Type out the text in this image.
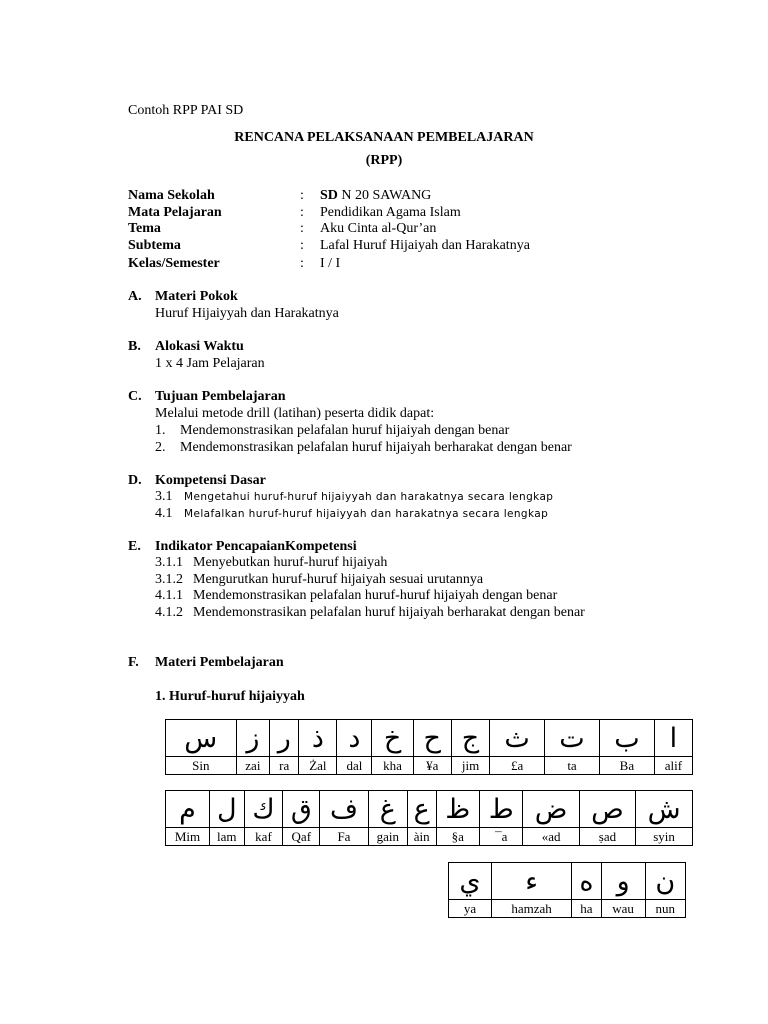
Contoh RPP PAI SD
RENCANA PELAKSANAAN PEMBELAJARAN
(RPP)
Nama Sekolah	: SD N 20 SAWANG
Mata Pelajaran	: Pendidikan Agama Islam
Tema	: Aku Cinta al-Qur’an
Subtema	: Lafal Huruf Hijaiyah dan Harakatnya
Kelas/Semester	: I / I
A. Materi Pokok
Huruf Hijaiyyah dan Harakatnya
B. Alokasi Waktu
1 x 4 Jam Pelajaran
C. Tujuan Pembelajaran
Melalui metode drill (latihan) peserta didik dapat:
1. Mendemonstrasikan pelafalan huruf hijaiyah dengan benar
2. Mendemonstrasikan pelafalan huruf hijaiyah berharakat dengan benar
D. Kompetensi Dasar
3.1 Mengetahui huruf-huruf hijaiyyah dan harakatnya secara lengkap
4.1 Melafalkan huruf-huruf hijaiyyah dan harakatnya secara lengkap
E. Indikator PencapaianKompetensi
3.1.1 Menyebutkan huruf-huruf hijaiyah
3.1.2 Mengurutkan huruf-huruf hijaiyah sesuai urutannya
4.1.1 Mendemonstrasikan pelafalan huruf-huruf hijaiyah dengan benar
4.1.2 Mendemonstrasikan pelafalan huruf hijaiyah berharakat dengan benar
F. Materi Pembelajaran
1. Huruf-huruf hijaiyyah
س	ز	ر	ذ	د	خ	ح	ج	ث	ت	ب	ا
Sin	zai	ra	Żal	dal	kha	¥a	jim	£a	ta	Ba	alif
م	ل	ك	ق	ف	غ	ع	ظ	ط	ض	ص	ش
Mim	lam	kaf	Qaf	Fa	gain	àin	§a	¯a	«ad	ṣad	syin
ي	ء	ه	و	ن
ya	hamzah	ha	wau	nun
